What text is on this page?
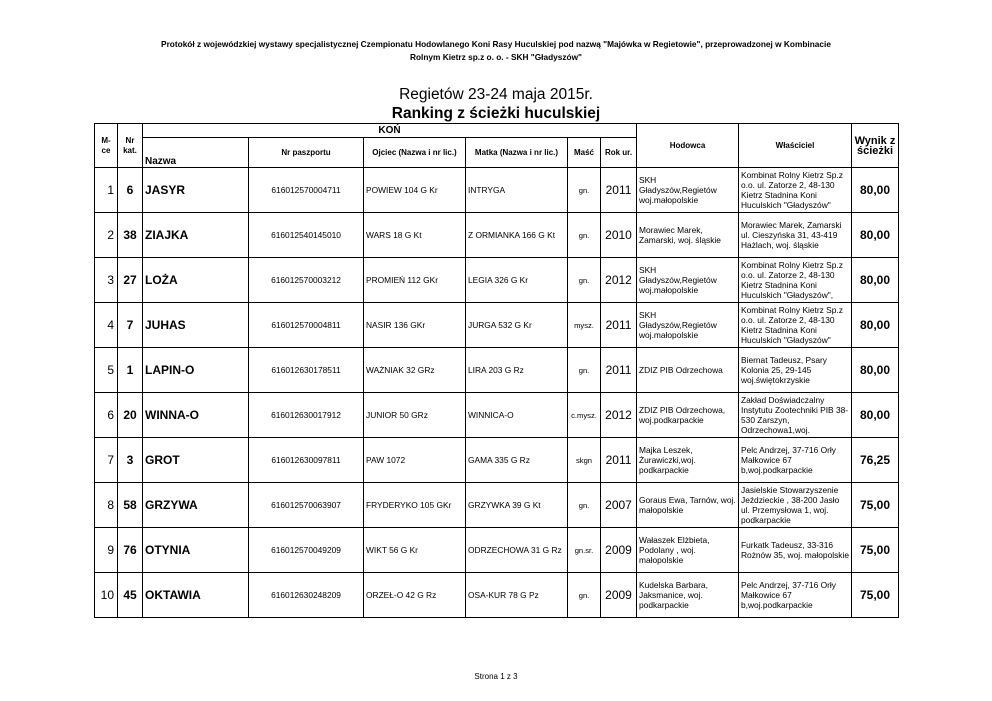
Protokół z wojewódzkiej wystawy specjalistycznej Czempionatu Hodowlanego Koni Rasy Huculskiej pod nazwą "Majówka w Regietowie", przeprowadzonej w Kombinacie
Rolnym Kietrz sp.z o. o. - SKH "Gładyszów"
Regietów 23-24 maja 2015r.
Ranking z ścieżki huculskiej
M-ce	Nr kat.	KOŃ						Hodowca	Właściciel	Wynik z ścieżki
		Nazwa	Nr paszportu	Ojciec (Nazwa i nr lic.)	Matka (Nazwa i nr lic.)	Maść	Rok ur.			
1	6	JASYR	616012570004711	POWIEW 104 G Kr	INTRYGA	gn.	2011	SKH Gładyszów,Regietów woj.małopolskie	Kombinat Rolny Kietrz Sp.z o.o. ul. Zatorze 2, 48-130 Kietrz Stadnina Koni Huculskich "Gładyszów"	80,00
2	38	ZIAJKA	616012540145010	WARS 18 G Kt	Z ORMIANKA 166 G Kt	gn.	2010	Morawiec Marek, Zamarski, woj. śląskie	Morawiec Marek, Zamarski ul. Cieszyńska 31, 43-419 Hażlach, woj. śląskie	80,00
3	27	LOŻA	616012570003212	PROMIEŃ 112 GKr	LEGIA 326 G Kr	gn.	2012	SKH Gładyszów,Regietów woj.małopolskie	Kombinat Rolny Kietrz Sp.z o.o. ul. Zatorze 2, 48-130 Kietrz Stadnina Koni Huculskich "Gładyszów",	80,00
4	7	JUHAS	616012570004811	NASIR 136 GKr	JURGA 532 G Kr	mysz.	2011	SKH Gładyszów,Regietów woj.małopolskie	Kombinat Rolny Kietrz Sp.z o.o. ul. Zatorze 2, 48-130 Kietrz Stadnina Koni Huculskich "Gładyszów"	80,00
5	1	LAPIN-O	616012630178511	WAŻNIAK 32 GRz	LIRA 203 G Rz	gn.	2011	ZDIZ PIB Odrzechowa	Biernat Tadeusz, Psary Kolonia 25, 29-145 woj.świętokrzyskie	80,00
6	20	WINNA-O	616012630017912	JUNIOR 50 GRz	WINNICA-O	c.mysz.	2012	ZDIZ PIB Odrzechowa, woj.podkarpackie	Zakład Doświadczalny Instytutu Zootechniki PIB 38-530 Zarszyn, Odrzechowa1,woj.	80,00
7	3	GROT	616012630097811	PAW 1072	GAMA 335 G Rz	skgn	2011	Majka Leszek, Żurawiczki,woj. podkarpackie	Pelc Andrzej, 37-716 Orły Małkowice 67 b,woj.podkarpackie	76,25
8	58	GRZYWA	616012570063907	FRYDERYKO 105 GKr	GRZYWKA 39 G Kt	gn.	2007	Goraus Ewa, Tarnów, woj. małopolskie	Jasielskie Stowarzyszenie Jeździeckie , 38-200 Jasło ul. Przemysłowa 1, woj. podkarpackie	75,00
9	76	OTYNIA	616012570049209	WIKT 56 G Kr	ODRZECHOWA 31 G Rz	gn.sr.	2009	Wałaszek Elżbieta, Podolany , woj. małopolskie	Furkatk Tadeusz, 33-316 Rożnów 35, woj. małopolskie	75,00
10	45	OKTAWIA	616012630248209	ORZEŁ-O 42 G Rz	OSA-KUR 78 G Pz	gn.	2009	Kudelska Barbara, Jaksmanice, woj. podkarpackie	Pelc Andrzej, 37-716 Orły Małkowice 67 b,woj.podkarpackie	75,00
Strona 1 z 3
